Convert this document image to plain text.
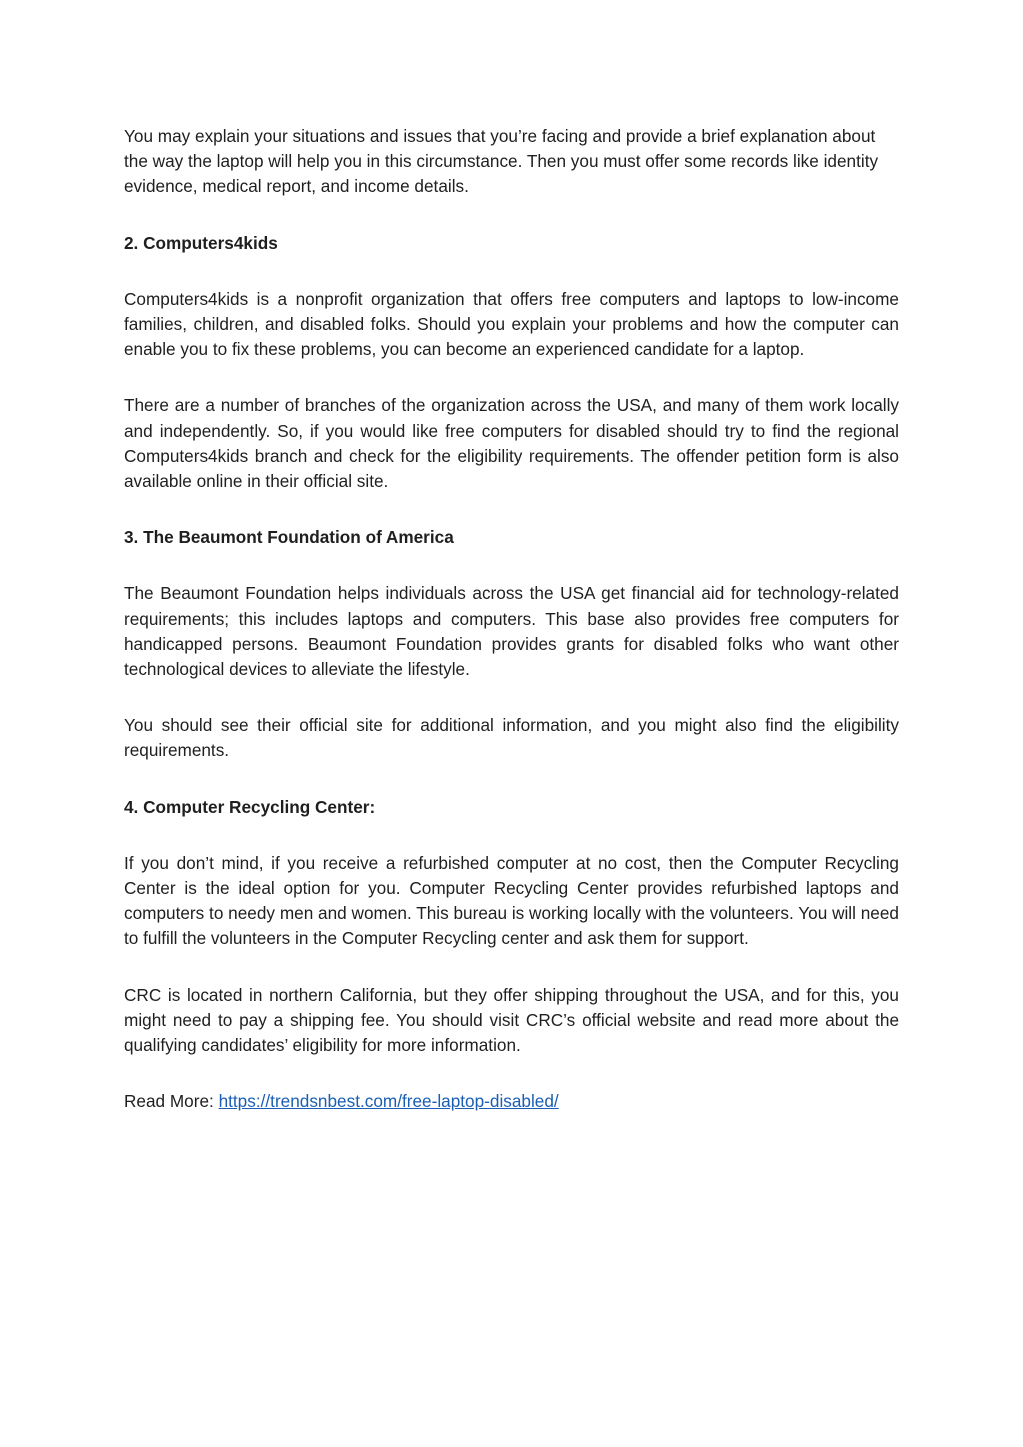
You may explain your situations and issues that you’re facing and provide a brief explanation about the way the laptop will help you in this circumstance. Then you must offer some records like identity evidence, medical report, and income details.

2. Computers4kids

Computers4kids is a nonprofit organization that offers free computers and laptops to low-income families, children, and disabled folks. Should you explain your problems and how the computer can enable you to fix these problems, you can become an experienced candidate for a laptop.

There are a number of branches of the organization across the USA, and many of them work locally and independently. So, if you would like free computers for disabled should try to find the regional Computers4kids branch and check for the eligibility requirements. The offender petition form is also available online in their official site.

3. The Beaumont Foundation of America

The Beaumont Foundation helps individuals across the USA get financial aid for technology-related requirements; this includes laptops and computers. This base also provides free computers for handicapped persons. Beaumont Foundation provides grants for disabled folks who want other technological devices to alleviate the lifestyle.

You should see their official site for additional information, and you might also find the eligibility requirements.

4. Computer Recycling Center:

If you don’t mind, if you receive a refurbished computer at no cost, then the Computer Recycling Center is the ideal option for you. Computer Recycling Center provides refurbished laptops and computers to needy men and women. This bureau is working locally with the volunteers. You will need to fulfill the volunteers in the Computer Recycling center and ask them for support.

CRC is located in northern California, but they offer shipping throughout the USA, and for this, you might need to pay a shipping fee. You should visit CRC’s official website and read more about the qualifying candidates’ eligibility for more information.

Read More: https://trendsnbest.com/free-laptop-disabled/
